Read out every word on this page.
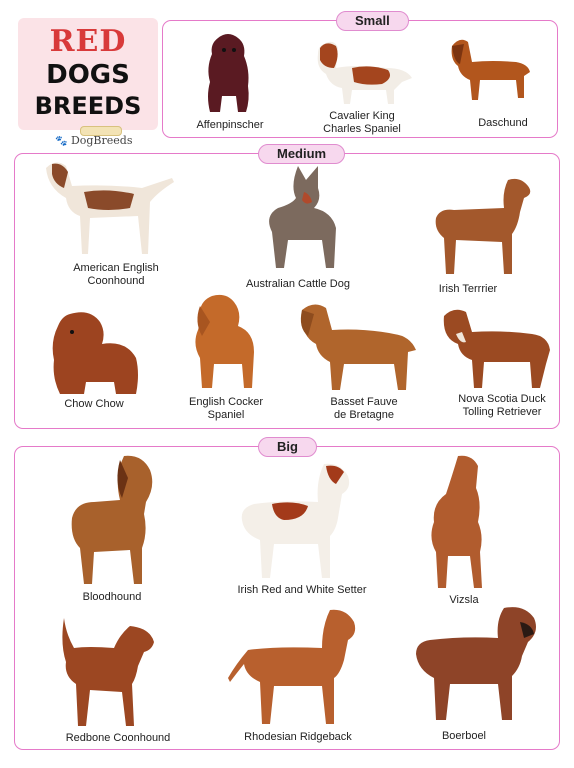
RED
DOGS
BREEDS
🐾 DogBreeds
Small
Affenpinscher
Cavalier King
Charles Spaniel	Daschund
Medium
American English
Coonhound	Australian Cattle Dog	Irish Terrrier
Chow Chow	English Cocker
Spaniel
Basset Fauve
de Bretagne
Nova Scotia Duck
Tolling Retriever
Big
Bloodhound
Irish Red and White Setter
Vizsla
Redbone Coonhound	Rhodesian Ridgeback	Boerboel
